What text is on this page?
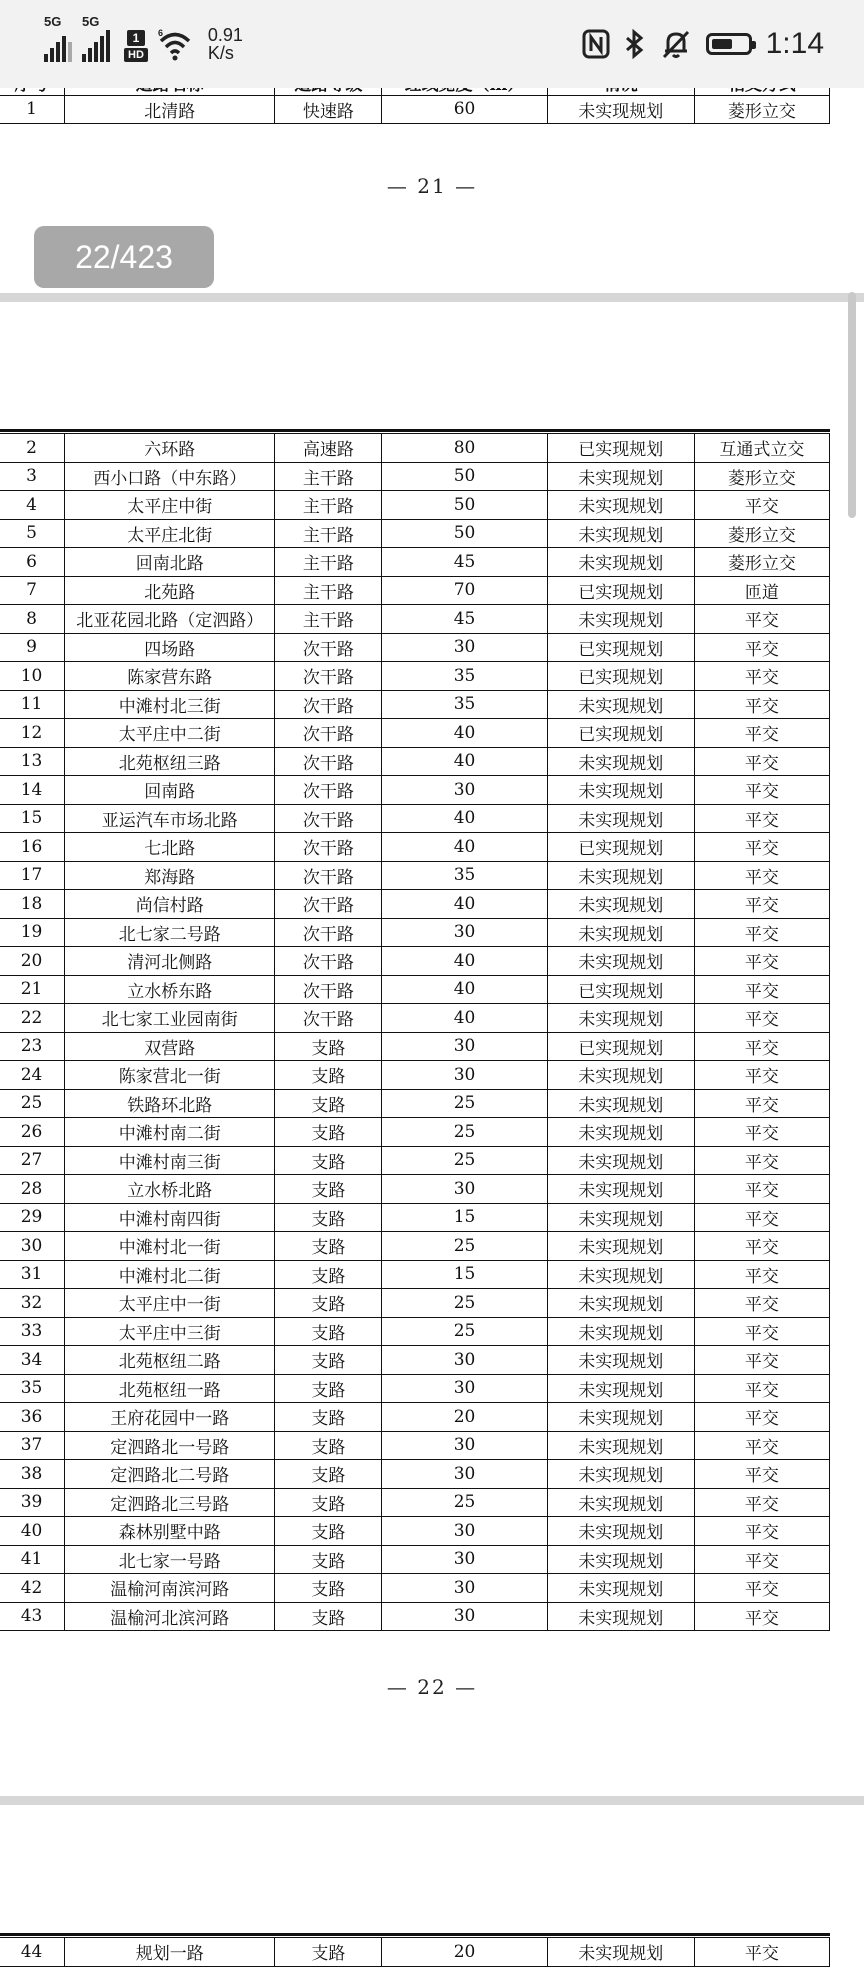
5G 5G
1
HD
6 0.91
K/s	1:14

1	北清路	快速路	60	未实现规划	菱形立交
— 21 —
22/423
2	六环路	高速路	80	已实现规划	互通式立交
3	西小口路（中东路）	主干路	50	未实现规划	菱形立交
4	太平庄中街	主干路	50	未实现规划	平交
5	太平庄北街	主干路	50	未实现规划	菱形立交
6	回南北路	主干路	45	未实现规划	菱形立交
7	北苑路	主干路	70	已实现规划	匝道
8	北亚花园北路（定泗路）	主干路	45	未实现规划	平交
9	四场路	次干路	30	已实现规划	平交
10	陈家营东路	次干路	35	已实现规划	平交
11	中滩村北三街	次干路	35	未实现规划	平交
12	太平庄中二街	次干路	40	已实现规划	平交
13	北苑枢纽三路	次干路	40	未实现规划	平交
14	回南路	次干路	30	未实现规划	平交
15	亚运汽车市场北路	次干路	40	未实现规划	平交
16	七北路	次干路	40	已实现规划	平交
17	郑海路	次干路	35	未实现规划	平交
18	尚信村路	次干路	40	未实现规划	平交
19	北七家二号路	次干路	30	未实现规划	平交
20	清河北侧路	次干路	40	未实现规划	平交
21	立水桥东路	次干路	40	已实现规划	平交
22	北七家工业园南街	次干路	40	未实现规划	平交
23	双营路	支路	30	已实现规划	平交
24	陈家营北一街	支路	30	未实现规划	平交
25	铁路环北路	支路	25	未实现规划	平交
26	中滩村南二街	支路	25	未实现规划	平交
27	中滩村南三街	支路	25	未实现规划	平交
28	立水桥北路	支路	30	未实现规划	平交
29	中滩村南四街	支路	15	未实现规划	平交
30	中滩村北一街	支路	25	未实现规划	平交
31	中滩村北二街	支路	15	未实现规划	平交
32	太平庄中一街	支路	25	未实现规划	平交
33	太平庄中三街	支路	25	未实现规划	平交
34	北苑枢纽二路	支路	30	未实现规划	平交
35	北苑枢纽一路	支路	30	未实现规划	平交
36	王府花园中一路	支路	20	未实现规划	平交
37	定泗路北一号路	支路	30	未实现规划	平交
38	定泗路北二号路	支路	30	未实现规划	平交
39	定泗路北三号路	支路	25	未实现规划	平交
40	森林别墅中路	支路	30	未实现规划	平交
41	北七家一号路	支路	30	未实现规划	平交
42	温榆河南滨河路	支路	30	未实现规划	平交
43	温榆河北滨河路	支路	30	未实现规划	平交
— 22 —
44	规划一路	支路	20	未实现规划	平交
